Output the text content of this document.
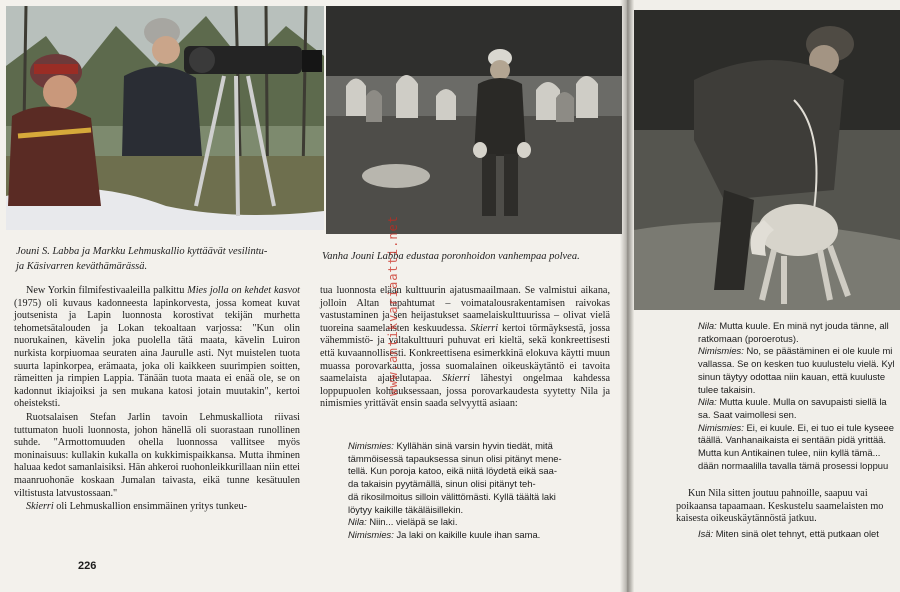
Jouni S. Labba ja Markku Lehmuskallio kyttäävät vesilintu-
ja Käsivarren keväthämärässä.
Vanha Jouni Labba edustaa poronhoidon vanhempaa polvea.

New Yorkin filmifestivaaleilla palkittu Mies jolla on kehdet kasvot (1975) oli kuvaus kadonneesta lapinkorvesta, jossa komeat kuvat joutsenista ja Lapin luonnosta korostivat tekijän murhetta tehometsätalouden ja Lokan tekoaltaan varjossa: "Kun olin nuorukainen, kävelin joka puolella tätä maata, kävelin Luiron nurkista korpiuomaa seuraten aina Jaurulle asti. Nyt muistelen tuota suurta lapinkorpea, erämaata, joka oli kaikkeen suurimpien soitten, rämeitten ja rimpien Lappia. Tänään tuota maata ei enää ole, se on kadonnut ikiajoiksi ja sen mukana katosi jotain muutakin", kertoi oheisteksti.

Ruotsalaisen Stefan Jarlin tavoin Lehmuskalliota riivasi tuttumaton huoli luonnosta, johon hänellä oli suorastaan runollinen suhde. "Armottomuuden ohella luonnossa vallitsee myös moninaisuus: kullakin kukalla on kukkimispaikkansa. Mutta ihminen haluaa kedot samanlaisiksi. Hän ahkeroi ruohonleikkurillaan niin ettei maanruohonäe koskaan Jumalan taivasta, eikä tunne kesätuulen viltistusta latvustossaan."

Skierri oli Lehmuskallion ensimmäinen yritys tunkeu-

tua luonnosta eläan kulttuurin ajatusmaailmaan. Se valmistui aikana, jolloin Altan tapahtumat – voimatalousrakentamisen raivokas vastustaminen ja sen heijastukset saamelaiskulttuurissa – olivat vielä tuoreina saamelaisten keskuudessa. Skierri kertoi törmäyksestä, jossa vähemmistö- ja valtakulttuuri puhuvat eri kieltä, sekä konkreettisesti että kuvaannollisesti. Konkreettisena esimerkkinä elokuva käytti muun muassa porovarkautta, jossa suomalainen oikeuskäytäntö ei tavoita saamelaista ajattelutapaa. Skierri lähestyi ongelmaa kahdessa loppupuolen kohtauksessaan, jossa porovarkaudesta syytetty Nila ja nimismies yrittävät ensin saada selvyyttä asiaan:

Nimismies: Kyllähän sinä varsin hyvin tiedät, mitä
tämmöisessä tapauksessa sinun olisi pitänyt mene-
tellä. Kun poroja katoo, eikä niitä löydetä eikä saa-
da takaisin pyytämällä, sinun olisi pitänyt teh-
dä rikosilmoitus silloin välittömästi. Kyllä täältä laki
löytyy kaikille täkäläisillekin.
Nila: Niin... vieläpä se laki.
Nimismies: Ja laki on kaikille kuule ihan sama.
Nila: Mutta kuule. En minä nyt jouda tänne, all
ratkomaan (poroerotus).
Nimismies: No, se päästäminen ei ole kuule mi
vallassa. Se on kesken tuo kuulustelu vielä. Kyl
sinun täytyy odottaa niin kauan, että kuuluste
tulee takaisin.
Nila: Mutta kuule. Mulla on savupaisti siellä la
sa. Saat vaimollesi sen.
Nimismies: Ei, ei kuule. Ei, ei tuo ei tule kyseee
täällä. Vanhanaikaista ei sentään pidä yrittää.
Mutta kun Antikainen tulee, niin kyllä tämä...
dään normaalilla tavalla tämä prosessi loppuu
Kun Nila sitten joutuu pahnoille, saapuu vai
poikaansa tapaamaan. Keskustelu saamelaisten mo
kaisesta oikeuskäytännöstä jatkuu.
Isä: Miten sinä olet tehnyt, että putkaan olet
226
www.antikvariaatti.net
